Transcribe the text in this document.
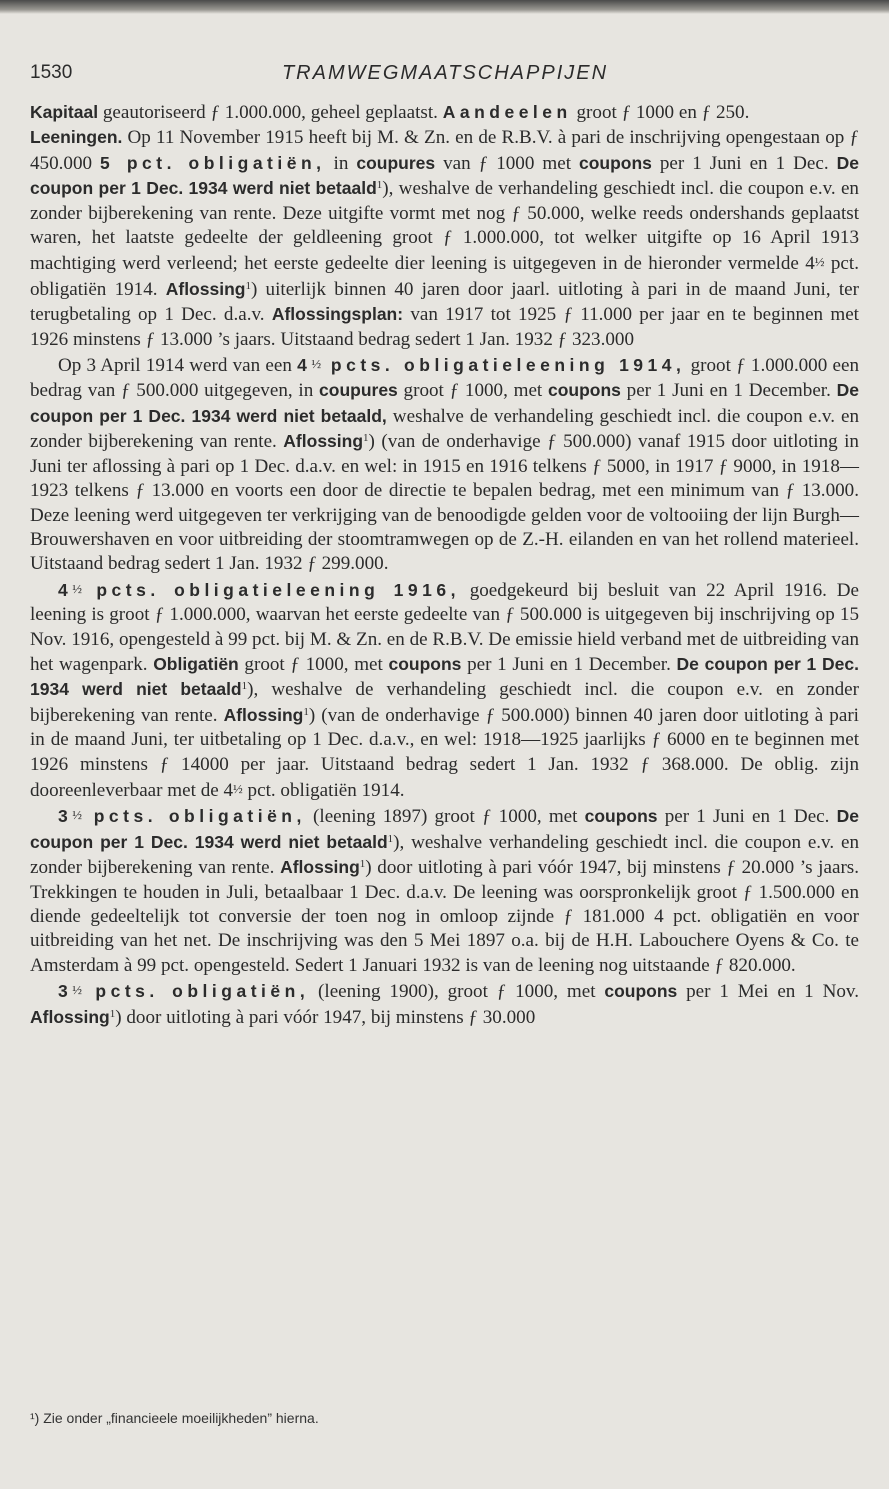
1530	TRAMWEGMAATSCHAPPIJEN

Kapitaal geautoriseerd ƒ 1.000.000, geheel geplaatst. Aandeelen groot ƒ 1000 en ƒ 250.

Leeningen. Op 11 November 1915 heeft bij M. & Zn. en de R.B.V. à pari de inschrijving opengestaan op ƒ 450.000 5 pct. obligatiën, in coupures van ƒ 1000 met coupons per 1 Juni en 1 Dec. De coupon per 1 Dec. 1934 werd niet betaald$^1$), weshalve de verhandeling geschiedt incl. die coupon e.v. en zonder bijberekening van rente. Deze uitgifte vormt met nog ƒ 50.000, welke reeds ondershands geplaatst waren, het laatste gedeelte der geldleening groot ƒ 1.000.000, tot welker uitgifte op 16 April 1913 machtiging werd verleend; het eerste gedeelte dier leening is uitgegeven in de hieronder vermelde 4½ pct. obligatiën 1914. Aflossing$^1$) uiterlijk binnen 40 jaren door jaarl. uitloting à pari in de maand Juni, ter terugbetaling op 1 Dec. d.a.v. Aflossingsplan: van 1917 tot 1925 ƒ 11.000 per jaar en te beginnen met 1926 minstens ƒ 13.000 ’s jaars. Uitstaand bedrag sedert 1 Jan. 1932 ƒ 323.000

Op 3 April 1914 werd van een 4½ pcts. obligatieleening 1914, groot ƒ 1.000.000 een bedrag van ƒ 500.000 uitgegeven, in coupures groot ƒ 1000, met coupons per 1 Juni en 1 December. De coupon per 1 Dec. 1934 werd niet betaald, weshalve de verhandeling geschiedt incl. die coupon e.v. en zonder bijberekening van rente. Aflossing$^1$) (van de onderhavige ƒ 500.000) vanaf 1915 door uitloting in Juni ter aflossing à pari op 1 Dec. d.a.v. en wel: in 1915 en 1916 telkens ƒ 5000, in 1917 ƒ 9000, in 1918—1923 telkens ƒ 13.000 en voorts een door de directie te bepalen bedrag, met een minimum van ƒ 13.000. Deze leening werd uitgegeven ter verkrijging van de benoodigde gelden voor de voltooiing der lijn Burgh—Brouwershaven en voor uitbreiding der stoomtramwegen op de Z.-H. eilanden en van het rollend materieel. Uitstaand bedrag sedert 1 Jan. 1932 ƒ 299.000.

4½ pcts. obligatieleening 1916, goedgekeurd bij besluit van 22 April 1916. De leening is groot ƒ 1.000.000, waarvan het eerste gedeelte van ƒ 500.000 is uitgegeven bij inschrijving op 15 Nov. 1916, opengesteld à 99 pct. bij M. & Zn. en de R.B.V. De emissie hield verband met de uitbreiding van het wagenpark. Obligatiën groot ƒ 1000, met coupons per 1 Juni en 1 December. De coupon per 1 Dec. 1934 werd niet betaald$^1$), weshalve de verhandeling geschiedt incl. die coupon e.v. en zonder bijberekening van rente. Aflossing$^1$) (van de onderhavige ƒ 500.000) binnen 40 jaren door uitloting à pari in de maand Juni, ter uitbetaling op 1 Dec. d.a.v., en wel: 1918—1925 jaarlijks ƒ 6000 en te beginnen met 1926 minstens ƒ 14000 per jaar. Uitstaand bedrag sedert 1 Jan. 1932 ƒ 368.000. De oblig. zijn dooreenleverbaar met de 4½ pct. obligatiën 1914.

3½ pcts. obligatiën, (leening 1897) groot ƒ 1000, met coupons per 1 Juni en 1 Dec. De coupon per 1 Dec. 1934 werd niet betaald$^1$), weshalve verhandeling geschiedt incl. die coupon e.v. en zonder bijberekening van rente. Aflossing$^1$) door uitloting à pari vóór 1947, bij minstens ƒ 20.000 ’s jaars. Trekkingen te houden in Juli, betaalbaar 1 Dec. d.a.v. De leening was oorspronkelijk groot ƒ 1.500.000 en diende gedeeltelijk tot conversie der toen nog in omloop zijnde ƒ 181.000 4 pct. obligatiën en voor uitbreiding van het net. De inschrijving was den 5 Mei 1897 o.a. bij de H.H. Labouchere Oyens & Co. te Amsterdam à 99 pct. opengesteld. Sedert 1 Januari 1932 is van de leening nog uitstaande ƒ 820.000.

3½ pcts. obligatiën, (leening 1900), groot ƒ 1000, met coupons per 1 Mei en 1 Nov. Aflossing$^1$) door uitloting à pari vóór 1947, bij minstens ƒ 30.000

¹) Zie onder „financieele moeilijkheden” hierna.
